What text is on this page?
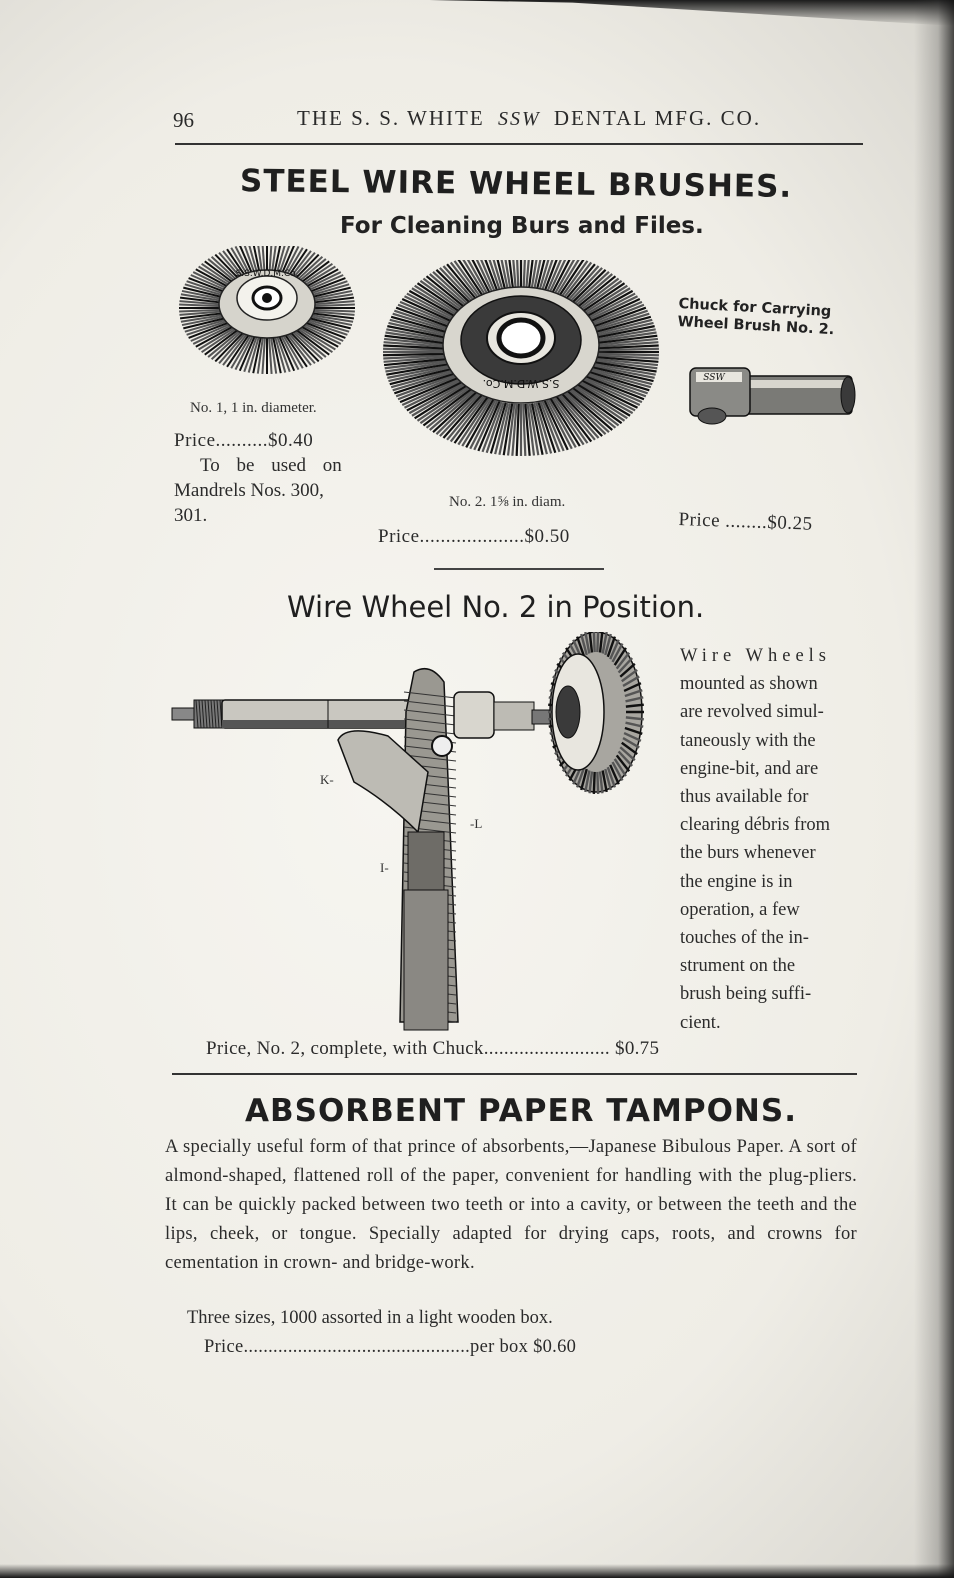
96	THE S. S. WHITE SSW DENTAL MFG. CO.
STEEL WIRE WHEEL BRUSHES.
For Cleaning Burs and Files.
S.S.W.D.M.Co.
No. 1, 1 in. diameter.
Price..........$0.40
To be used on
Mandrels Nos. 300,
301.
S.S.W.D.M.Co.
No. 2. 1⅝ in. diam.
Price....................$0.50
Chuck for Carrying
Wheel Brush No. 2.
SSW
Price ........$0.25
Wire Wheel No. 2 in Position.
K-
-L
I-
Wire Wheels
mounted as shown
are revolved simul-
taneously with the
engine-bit, and are
thus available for
clearing débris from
the burs whenever
the engine is in
operation, a few
touches of the in-
strument on the
brush being suffi-
cient.
Price, No. 2, complete, with Chuck......................... $0.75
ABSORBENT PAPER TAMPONS.
A specially useful form of that prince of absorbents,—Japanese Bibulous Paper. A sort of almond-shaped, flattened roll of the paper, convenient for handling with the plug-pliers. It can be quickly packed between two teeth or into a cavity, or between the teeth and the lips, cheek, or tongue. Specially adapted for drying caps, roots, and crowns for cementation in crown- and bridge-work.
Three sizes, 1000 assorted in a light wooden box.
Price..............................................per box $0.60
